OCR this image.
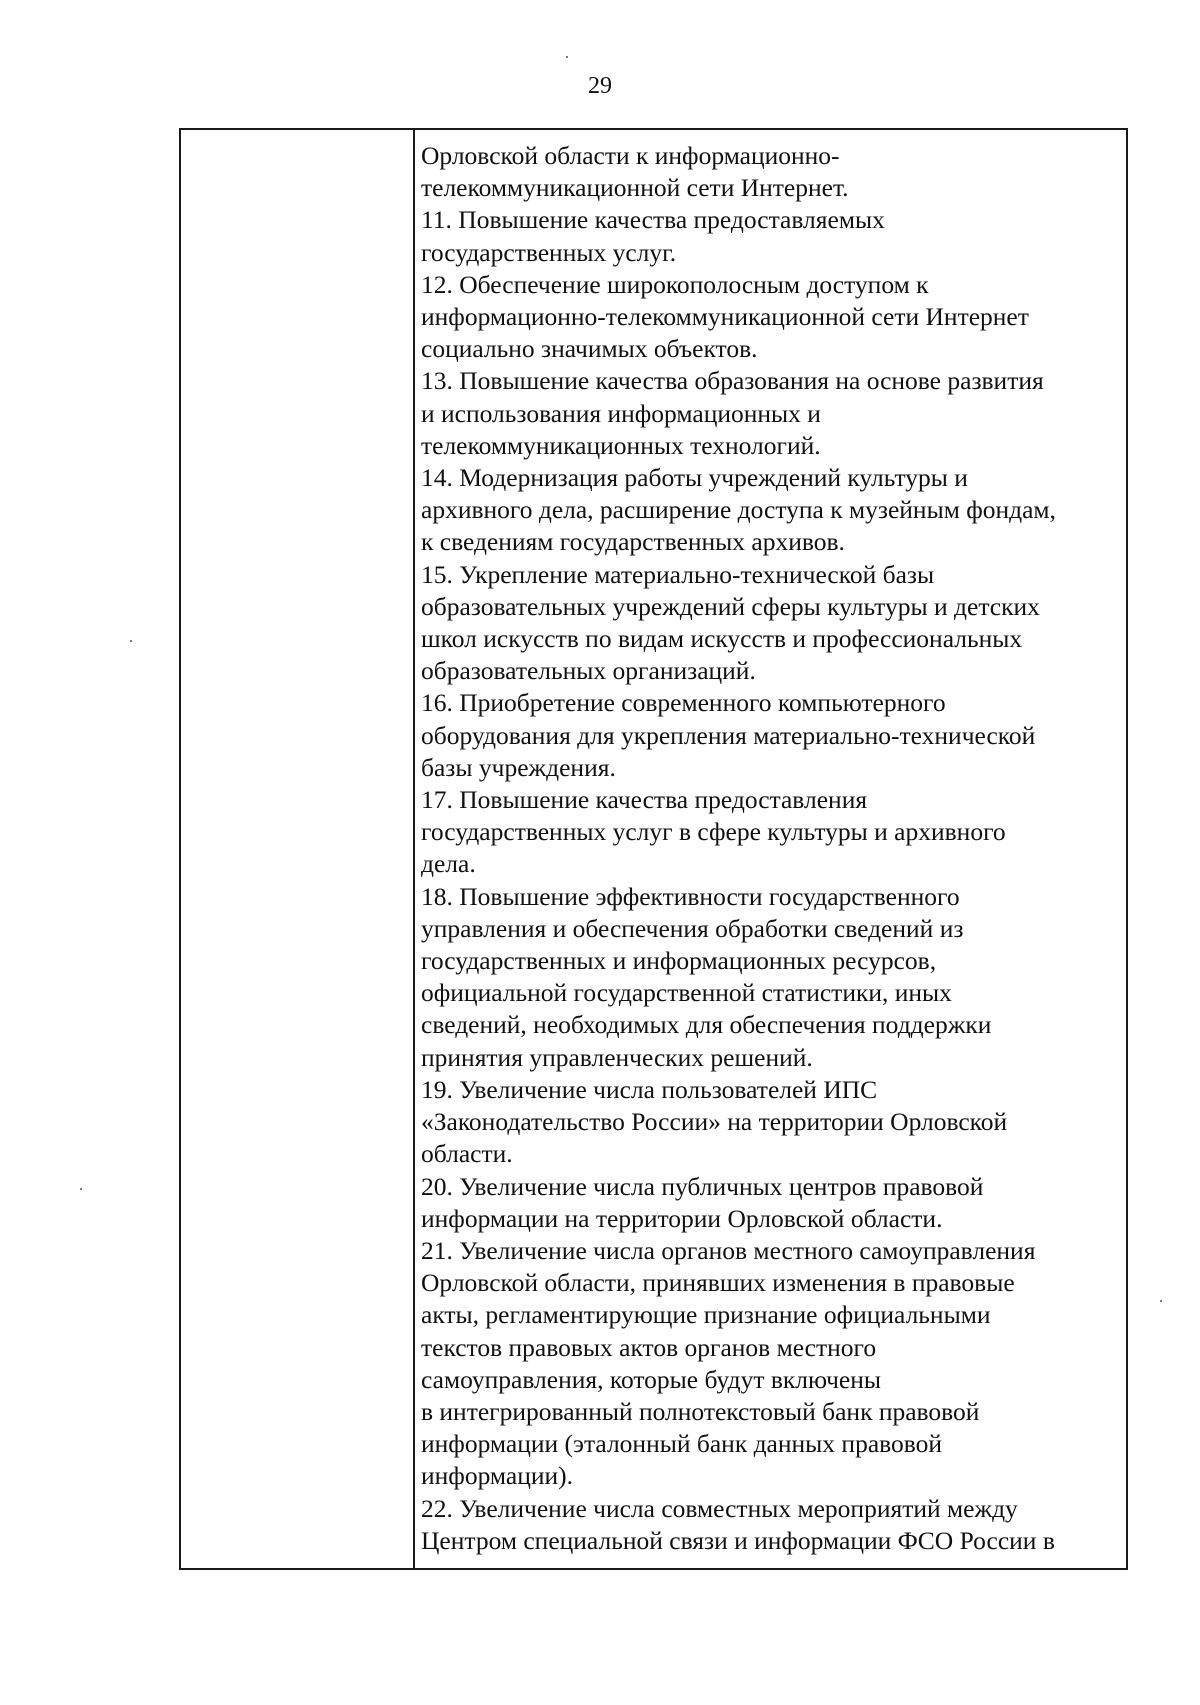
29
Орловской области к информационно-
телекоммуникационной сети Интернет.
11. Повышение качества предоставляемых
государственных услуг.
12. Обеспечение широкополосным доступом к
информационно-телекоммуникационной сети Интернет
социально значимых объектов.
13. Повышение качества образования на основе развития
и использования информационных и
телекоммуникационных технологий.
14. Модернизация работы учреждений культуры и
архивного дела, расширение доступа к музейным фондам,
к сведениям государственных архивов.
15. Укрепление материально-технической базы
образовательных учреждений сферы культуры и детских
школ искусств по видам искусств и профессиональных
образовательных организаций.
16. Приобретение современного компьютерного
оборудования для укрепления материально-технической
базы учреждения.
17. Повышение качества предоставления
государственных услуг в сфере культуры и архивного
дела.
18. Повышение эффективности государственного
управления и обеспечения обработки сведений из
государственных и информационных ресурсов,
официальной государственной статистики, иных
сведений, необходимых для обеспечения поддержки
принятия управленческих решений.
19. Увеличение числа пользователей ИПС
«Законодательство России» на территории Орловской
области.
20. Увеличение числа публичных центров правовой
информации на территории Орловской области.
21. Увеличение числа органов местного самоуправления
Орловской области, принявших изменения в правовые
акты, регламентирующие признание официальными
текстов правовых актов органов местного
самоуправления, которые будут включены
в интегрированный полнотекстовый банк правовой
информации (эталонный банк данных правовой
информации).
22. Увеличение числа совместных мероприятий между
Центром специальной связи и информации ФСО России в
